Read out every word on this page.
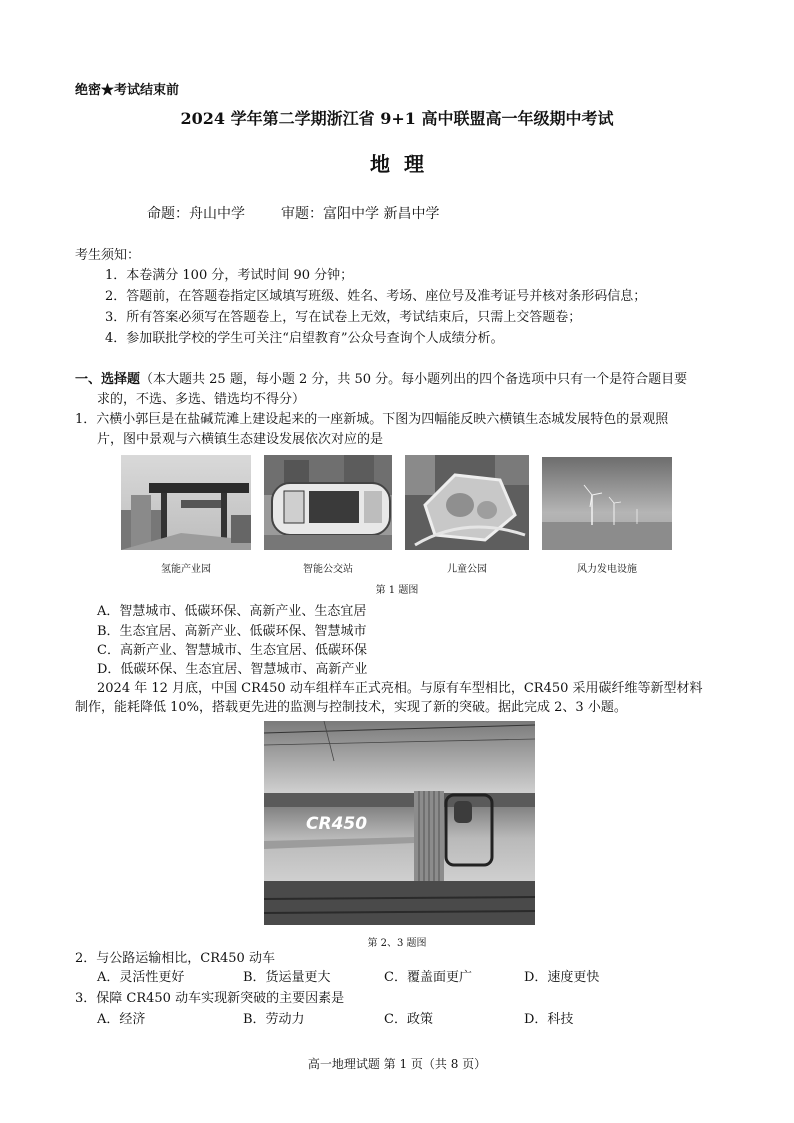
绝密★考试结束前
2024 学年第二学期浙江省 9+1 高中联盟高一年级期中考试
地理
命题：舟山中学	审题：富阳中学 新昌中学
考生须知：
1．本卷满分 100 分，考试时间 90 分钟；
2．答题前，在答题卷指定区域填写班级、姓名、考场、座位号及准考证号并核对条形码信息；
3．所有答案必须写在答题卷上，写在试卷上无效，考试结束后，只需上交答题卷；
4．参加联批学校的学生可关注“启望教育”公众号查询个人成绩分析。
一、选择题（本大题共 25 题，每小题 2 分，共 50 分。每小题列出的四个备选项中只有一个是符合题目要
求的，不选、多选、错选均不得分）
1．六横小郭巨是在盐碱荒滩上建设起来的一座新城。下图为四幅能反映六横镇生态城发展特色的景观照
片，图中景观与六横镇生态建设发展依次对应的是
氢能产业园	智能公交站	儿童公园	风力发电设施
第 1 题图
A．智慧城市、低碳环保、高新产业、生态宜居
B．生态宜居、高新产业、低碳环保、智慧城市
C．高新产业、智慧城市、生态宜居、低碳环保
D．低碳环保、生态宜居、智慧城市、高新产业
2024 年 12 月底，中国 CR450 动车组样车正式亮相。与原有车型相比，CR450 采用碳纤维等新型材料
制作，能耗降低 10%，搭载更先进的监测与控制技术，实现了新的突破。据此完成 2、3 小题。
CR450
第 2、3 题图
2．与公路运输相比，CR450 动车
A．灵活性更好	B．货运量更大	C．覆盖面更广	D．速度更快
3．保障 CR450 动车实现新突破的主要因素是
A．经济	B．劳动力	C．政策	D．科技
高一地理试题 第 1 页（共 8 页）
